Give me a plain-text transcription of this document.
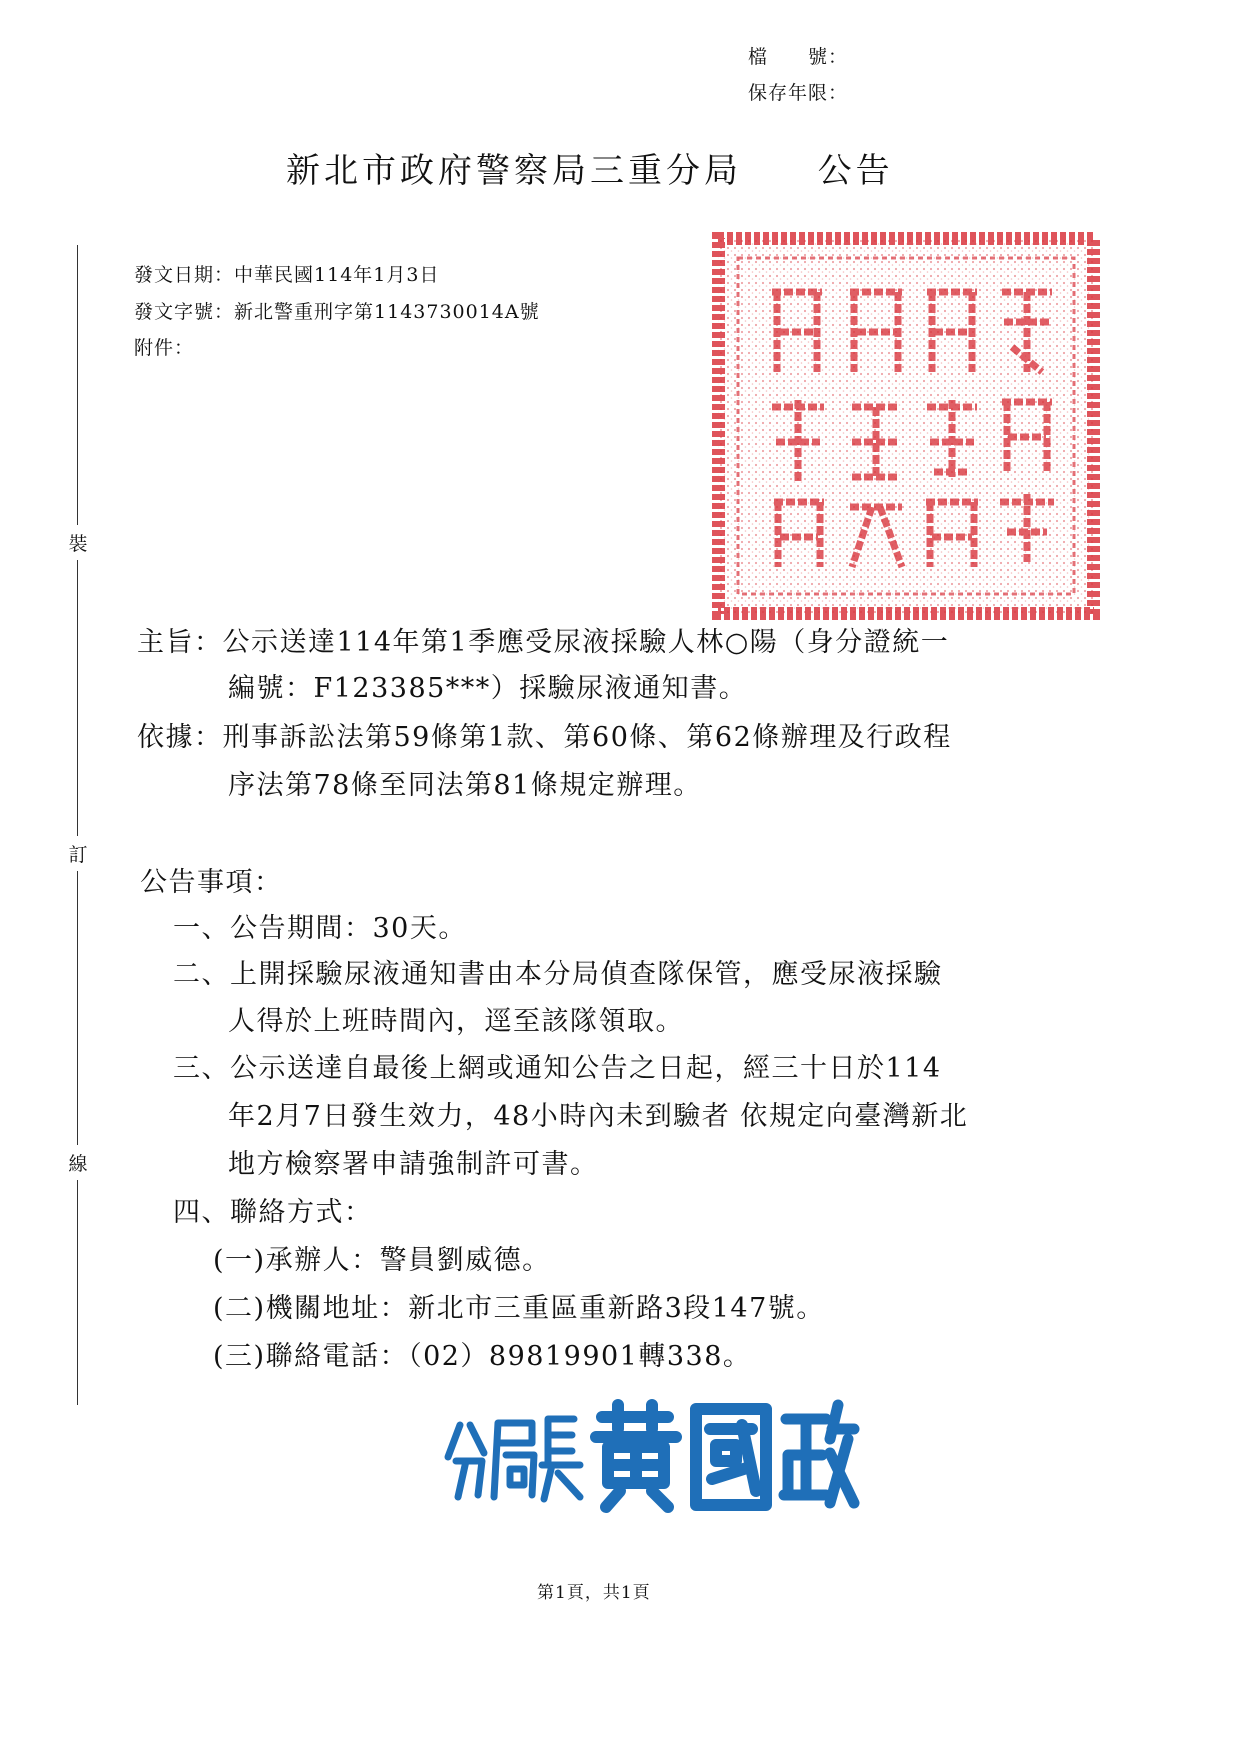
檔　　號：
保存年限：
新北市政府警察局三重分局 公告
裝
訂
線
發文日期：中華民國114年1月3日
發文字號：新北警重刑字第1143730014A號
附件：
主旨：公示送達114年第1季應受尿液採驗人林○陽（身分證統一
編號：F123385***）採驗尿液通知書。
依據：刑事訴訟法第59條第1款、第60條、第62條辦理及行政程
序法第78條至同法第81條規定辦理。
公告事項：
一、公告期間：30天。
二、上開採驗尿液通知書由本分局偵查隊保管，應受尿液採驗
人得於上班時間內，逕至該隊領取。
三、公示送達自最後上網或通知公告之日起，經三十日於114
年2月7日發生效力，48小時內未到驗者 依規定向臺灣新北
地方檢察署申請強制許可書。
四、聯絡方式：
(一)承辦人：警員劉威德。
(二)機關地址：新北市三重區重新路3段147號。
(三)聯絡電話：（02）89819901轉338。
第1頁，共1頁
